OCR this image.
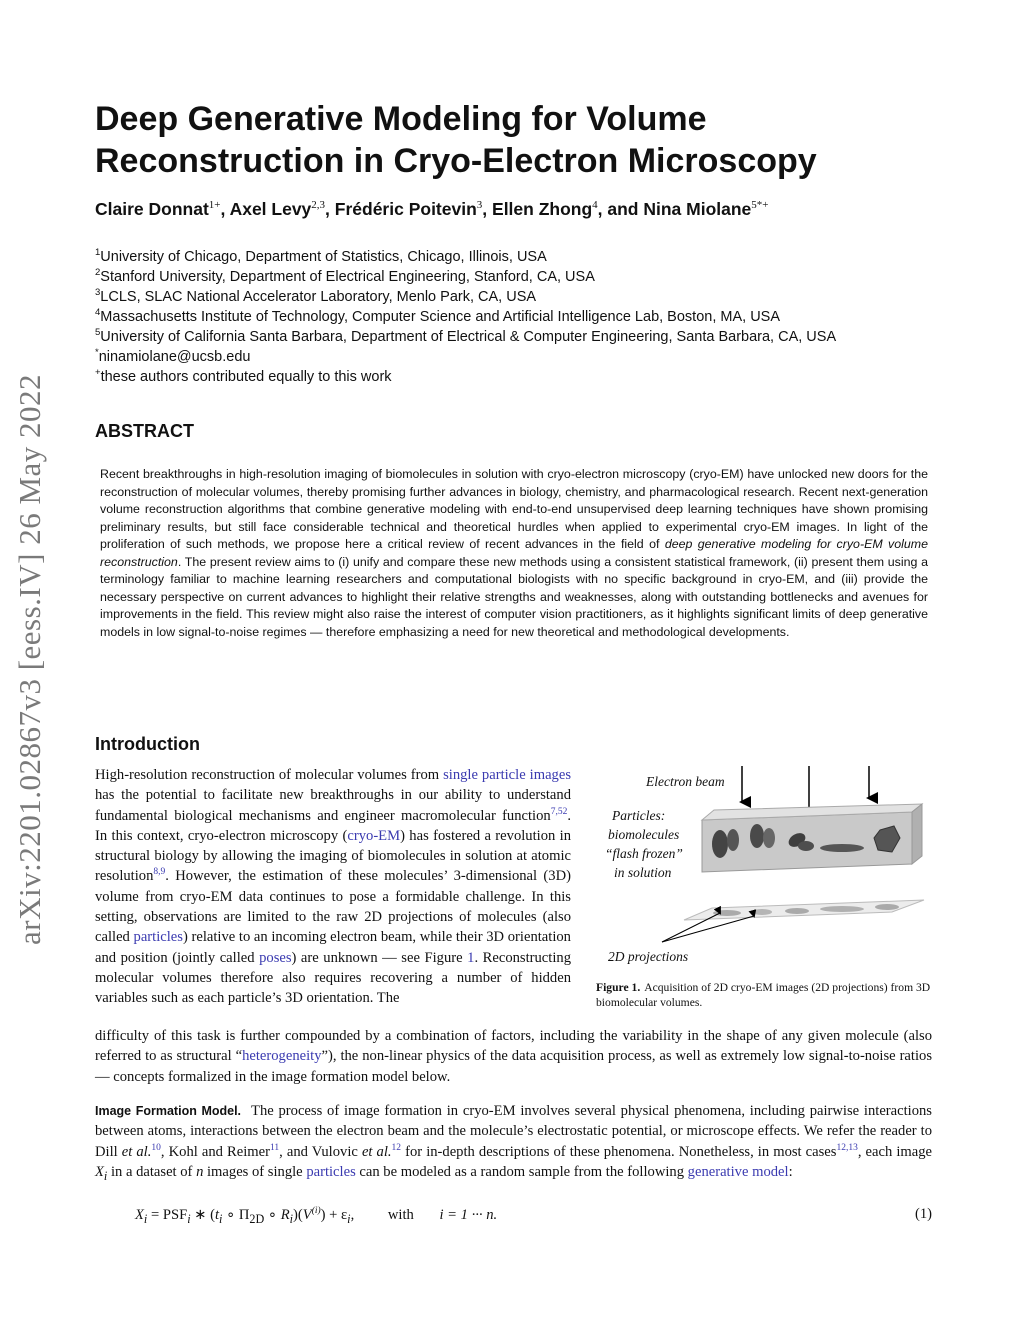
arXiv:2201.02867v3 [eess.IV] 26 May 2022
Deep Generative Modeling for Volume Reconstruction in Cryo-Electron Microscopy
Claire Donnat$^{1+}$, Axel Levy$^{2,3}$, Frédéric Poitevin$^3$, Ellen Zhong$^4$, and Nina Miolane$^{5*+}$
$^1$University of Chicago, Department of Statistics, Chicago, Illinois, USA
$^2$Stanford University, Department of Electrical Engineering, Stanford, CA, USA
$^3$LCLS, SLAC National Accelerator Laboratory, Menlo Park, CA, USA
$^4$Massachusetts Institute of Technology, Computer Science and Artificial Intelligence Lab, Boston, MA, USA
$^5$University of California Santa Barbara, Department of Electrical & Computer Engineering, Santa Barbara, CA, USA
*ninamiolane@ucsb.edu
+these authors contributed equally to this work
ABSTRACT
Recent breakthroughs in high-resolution imaging of biomolecules in solution with cryo-electron microscopy (cryo-EM) have unlocked new doors for the reconstruction of molecular volumes, thereby promising further advances in biology, chemistry, and pharmacological research. Recent next-generation volume reconstruction algorithms that combine generative modeling with end-to-end unsupervised deep learning techniques have shown promising preliminary results, but still face considerable technical and theoretical hurdles when applied to experimental cryo-EM images. In light of the proliferation of such methods, we propose here a critical review of recent advances in the field of deep generative modeling for cryo-EM volume reconstruction. The present review aims to (i) unify and compare these new methods using a consistent statistical framework, (ii) present them using a terminology familiar to machine learning researchers and computational biologists with no specific background in cryo-EM, and (iii) provide the necessary perspective on current advances to highlight their relative strengths and weaknesses, along with outstanding bottlenecks and avenues for improvements in the field. This review might also raise the interest of computer vision practitioners, as it highlights significant limits of deep generative models in low signal-to-noise regimes — therefore emphasizing a need for new theoretical and methodological developments.
Introduction
High-resolution reconstruction of molecular volumes from single particle images has the potential to facilitate new breakthroughs in our ability to understand fundamental biological mechanisms and engineer macromolecular function$^{7,52}$. In this context, cryo-electron microscopy (cryo-EM) has fostered a revolution in structural biology by allowing the imaging of biomolecules in solution at atomic resolution$^{8,9}$. However, the estimation of these molecules’ 3-dimensional (3D) volume from cryo-EM data continues to pose a formidable challenge. In this setting, observations are limited to the raw 2D projections of molecules (also called particles) relative to an incoming electron beam, while their 3D orientation and position (jointly called poses) are unknown — see Figure 1. Reconstructing molecular volumes therefore also requires recovering a number of hidden variables such as each particle’s 3D orientation. The
difficulty of this task is further compounded by a combination of factors, including the variability in the shape of any given molecule (also referred to as structural “heterogeneity”), the non-linear physics of the data acquisition process, as well as extremely low signal-to-noise ratios — concepts formalized in the image formation model below.
Image Formation Model. The process of image formation in cryo-EM involves several physical phenomena, including pairwise interactions between atoms, interactions between the electron beam and the molecule’s electrostatic potential, or microscope effects. We refer the reader to Dill et al.$^{10}$, Kohl and Reimer$^{11}$, and Vulovic et al.$^{12}$ for in-depth descriptions of these phenomena. Nonetheless, in most cases$^{12,13}$, each image $X_i$ in a dataset of n images of single particles can be modeled as a random sample from the following generative model:
$X_i = PSF_i$ ∗ ($t_i$ ∘ $\Pi_{2D}$ ∘ $R_i)(V^{(i)}) + \varepsilon_i$, with i = 1 ··· n.	(1)
Electron beam
Particles:
biomolecules
“flash frozen”
in solution
2D projections
Figure 1. Acquisition of 2D cryo-EM images (2D projections) from 3D biomolecular volumes.
